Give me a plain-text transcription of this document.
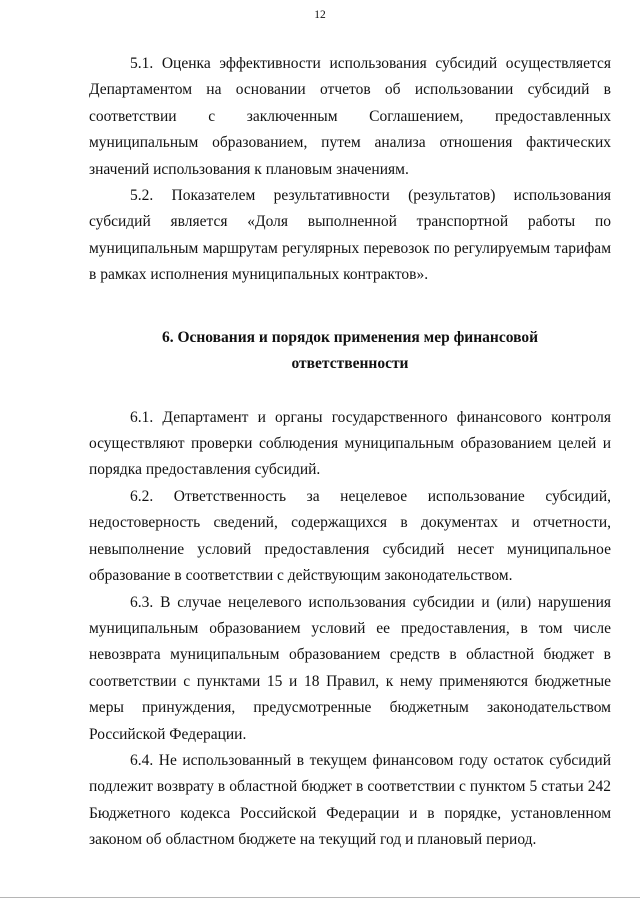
12

5.1. Оценка эффективности использования субсидий осуществляется Департаментом на основании отчетов об использовании субсидий в соответствии с заключенным Соглашением, предоставленных муниципальным образованием, путем анализа отношения фактических значений использования к плановым значениям.

5.2. Показателем результативности (результатов) использования субсидий является «Доля выполненной транспортной работы по муниципальным маршрутам регулярных перевозок по регулируемым тарифам в рамках исполнения муниципальных контрактов».

6. Основания и порядок применения мер финансовой
ответственности

6.1. Департамент и органы государственного финансового контроля осуществляют проверки соблюдения муниципальным образованием целей и порядка предоставления субсидий.

6.2. Ответственность за нецелевое использование субсидий, недостоверность сведений, содержащихся в документах и отчетности, невыполнение условий предоставления субсидий несет муниципальное образование в соответствии с действующим законодательством.

6.3. В случае нецелевого использования субсидии и (или) нарушения муниципальным образованием условий ее предоставления, в том числе невозврата муниципальным образованием средств в областной бюджет в соответствии с пунктами 15 и 18 Правил, к нему применяются бюджетные меры принуждения, предусмотренные бюджетным законодательством Российской Федерации.

6.4. Не использованный в текущем финансовом году остаток субсидий подлежит возврату в областной бюджет в соответствии с пунктом 5 статьи 242 Бюджетного кодекса Российской Федерации и в порядке, установленном законом об областном бюджете на текущий год и плановый период.
